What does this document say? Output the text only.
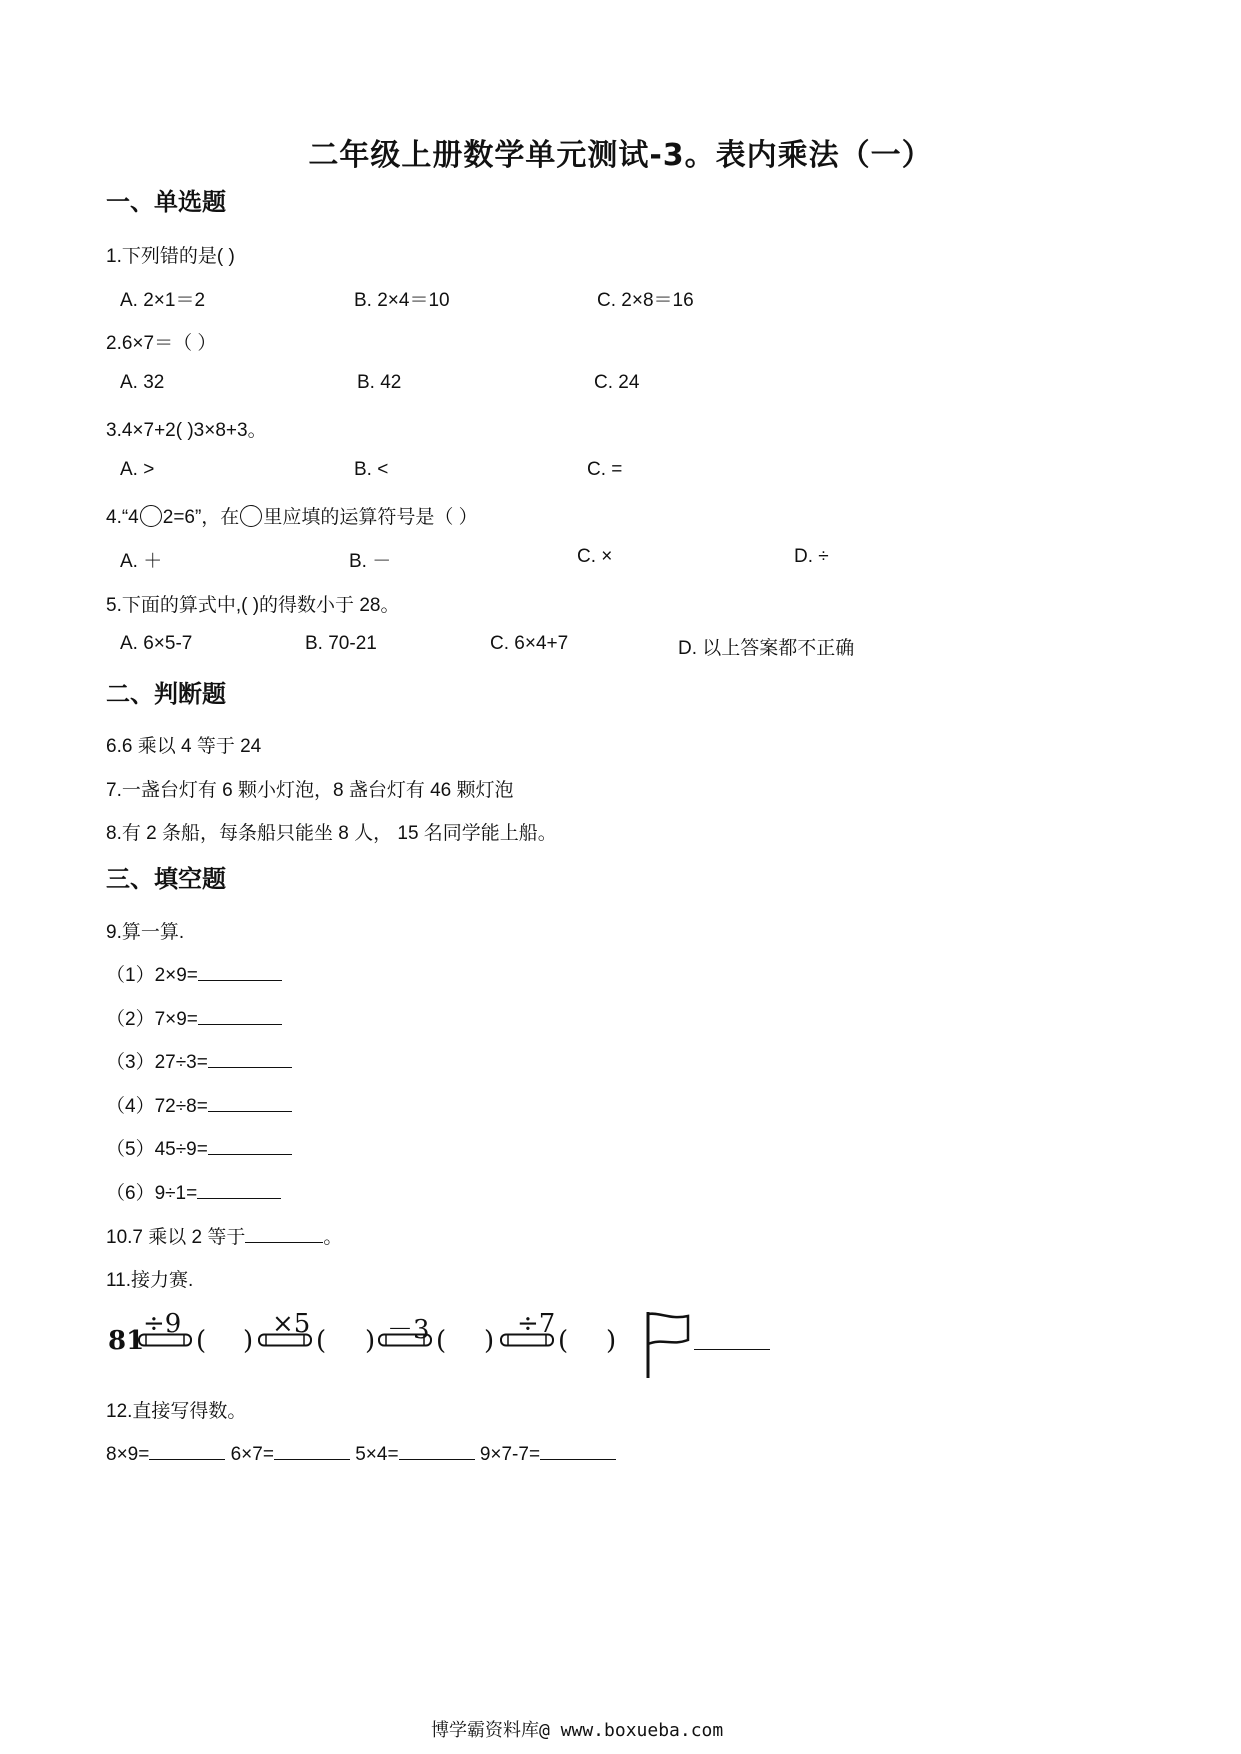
二年级上册数学单元测试-3。表内乘法（一）
一、单选题
1.下列错的是( )
A. 2×1＝2	B. 2×4＝10	C. 2×8＝16
2.6×7＝（ ）
A. 32	B. 42	C. 24
3.4×7+2( )3×8+3。
A. >	B. <	C. =
4.“4 2=6”，在 里应填的运算符号是（ ）
A. ＋	B. －	C. ×	D. ÷
5.下面的算式中,( )的得数小于 28。
A. 6×5-7	B. 70-21	C. 6×4+7	D. 以上答案都不正确
二、判断题
6.6 乘以 4 等于 24
7.一盏台灯有 6 颗小灯泡，8 盏台灯有 46 颗灯泡
8.有 2 条船，每条船只能坐 8 人， 15 名同学能上船。
三、填空题
9.算一算.
（1）2×9=
（2）7×9=
（3）27÷3=
（4）72÷8=
（5）45÷9=
（6）9÷1=
10.7 乘以 2 等于	。
11.接力赛.
81
÷9
( )
×5
( ) －3 ( )
÷7
( )
12.直接写得数。
8×9=	6×7=	5×4=	9×7-7=
博学霸资料库@ www.boxueba.com
